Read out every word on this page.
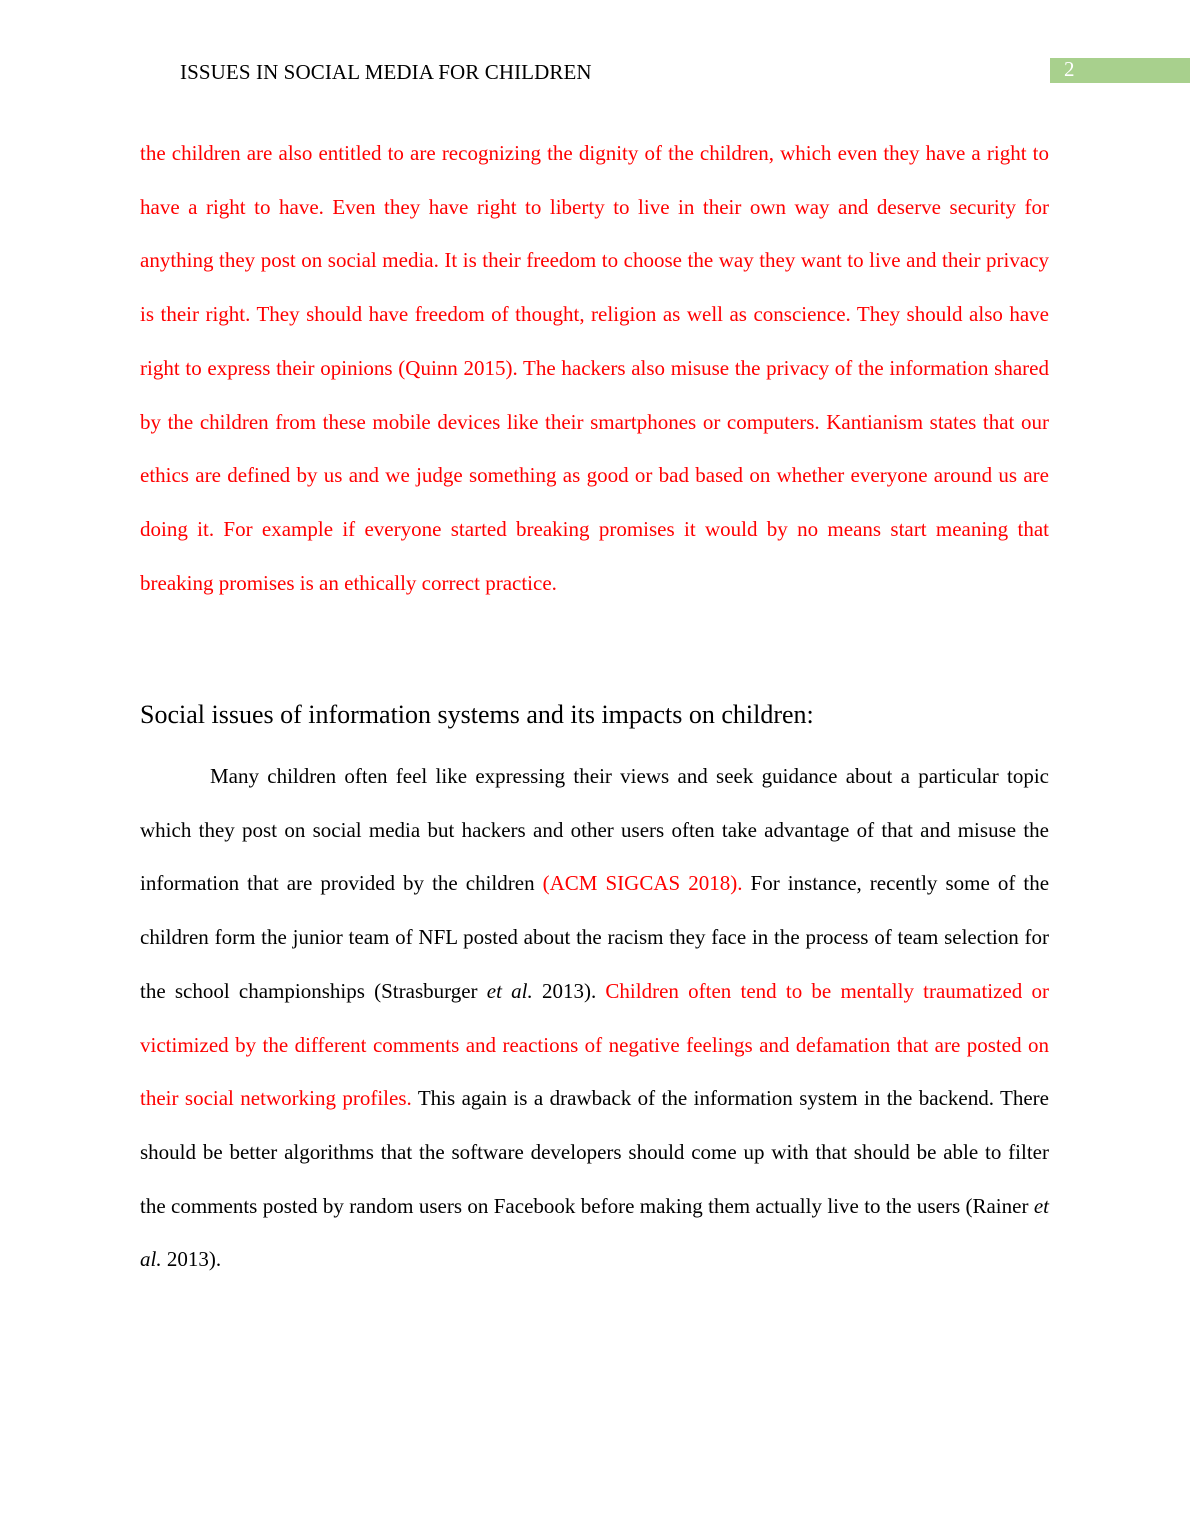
ISSUES IN SOCIAL MEDIA FOR CHILDREN	2
the children are also entitled to are recognizing the dignity of the children, which even they have a right to have a right to have. Even they have right to liberty to live in their own way and deserve security for anything they post on social media. It is their freedom to choose the way they want to live and their privacy is their right. They should have freedom of thought, religion as well as conscience. They should also have right to express their opinions (Quinn 2015). The hackers also misuse the privacy of the information shared by the children from these mobile devices like their smartphones or computers. Kantianism states that our ethics are defined by us and we judge something as good or bad based on whether everyone around us are doing it. For example if everyone started breaking promises it would by no means start meaning that breaking promises is an ethically correct practice.
Social issues of information systems and its impacts on children:
Many children often feel like expressing their views and seek guidance about a particular topic which they post on social media but hackers and other users often take advantage of that and misuse the information that are provided by the children (ACM SIGCAS 2018). For instance, recently some of the children form the junior team of NFL posted about the racism they face in the process of team selection for the school championships (Strasburger et al. 2013). Children often tend to be mentally traumatized or victimized by the different comments and reactions of negative feelings and defamation that are posted on their social networking profiles. This again is a drawback of the information system in the backend. There should be better algorithms that the software developers should come up with that should be able to filter the comments posted by random users on Facebook before making them actually live to the users (Rainer et al. 2013).
